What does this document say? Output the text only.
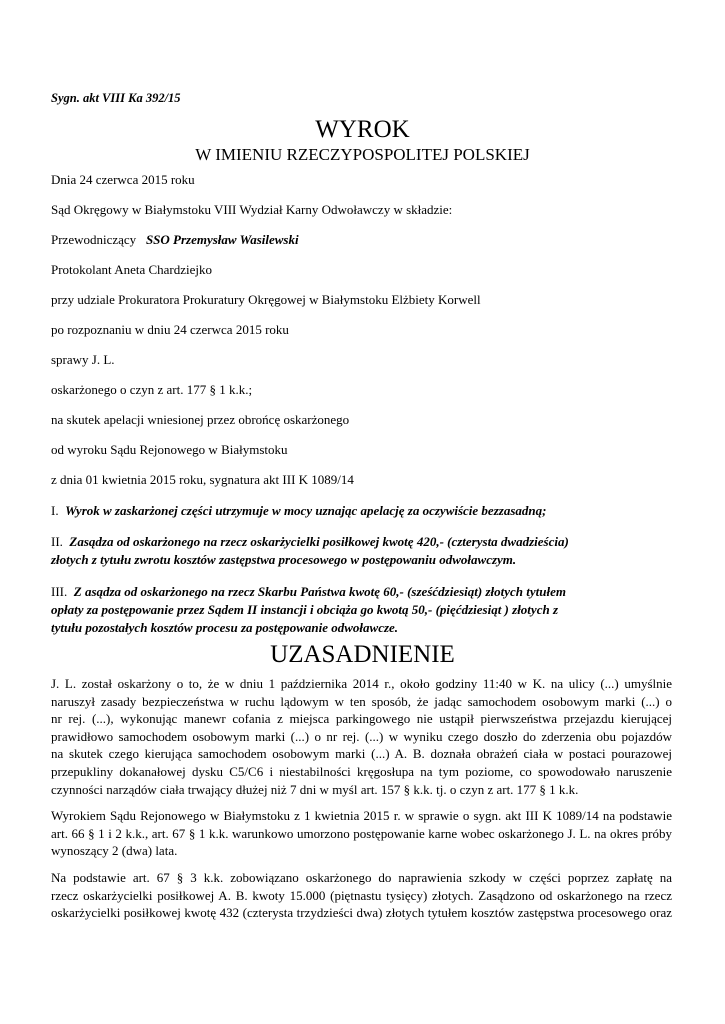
Sygn. akt VIII Ka 392/15
WYROK
W IMIENIU RZECZYPOSPOLITEJ POLSKIEJ
Dnia 24 czerwca 2015 roku
Sąd Okręgowy w Białymstoku VIII Wydział Karny Odwoławczy w składzie:
Przewodniczący SSO Przemysław Wasilewski
Protokolant Aneta Chardziejko
przy udziale Prokuratora Prokuratury Okręgowej w Białymstoku Elżbiety Korwell
po rozpoznaniu w dniu 24 czerwca 2015 roku
sprawy J. L.
oskarżonego o czyn z art. 177 § 1 k.k.;
na skutek apelacji wniesionej przez obrońcę oskarżonego
od wyroku Sądu Rejonowego w Białymstoku
z dnia 01 kwietnia 2015 roku, sygnatura akt III K 1089/14
I. Wyrok w zaskarżonej części utrzymuje w mocy uznając apelację za oczywiście bezzasadną;
II. Zasądza od oskarżonego na rzecz oskarżycielki posiłkowej kwotę 420,- (czterysta dwadzieścia)
złotych z tytułu zwrotu kosztów zastępstwa procesowego w postępowaniu odwoławczym.
III. Z asądza od oskarżonego na rzecz Skarbu Państwa kwotę 60,- (sześćdziesiąt) złotych tytułem
opłaty za postępowanie przez Sądem II instancji i obciąża go kwotą 50,- (pięćdziesiąt ) złotych z
tytułu pozostałych kosztów procesu za postępowanie odwoławcze.
UZASADNIENIE
J. L. został oskarżony o to, że w dniu 1 października 2014 r., około godziny 11:40 w K. na ulicy (...) umyślnie
naruszył zasady bezpieczeństwa w ruchu lądowym w ten sposób, że jadąc samochodem osobowym marki (...) o
nr rej. (...), wykonując manewr cofania z miejsca parkingowego nie ustąpił pierwszeństwa przejazdu kierującej
prawidłowo samochodem osobowym marki (...) o nr rej. (...) w wyniku czego doszło do zderzenia obu pojazdów
na skutek czego kierująca samochodem osobowym marki (...) A. B. doznała obrażeń ciała w postaci pourazowej
przepukliny dokanałowej dysku C5/C6 i niestabilności kręgosłupa na tym poziome, co spowodowało naruszenie
czynności narządów ciała trwający dłużej niż 7 dni w myśl art. 157 § k.k. tj. o czyn z art. 177 § 1 k.k.
Wyrokiem Sądu Rejonowego w Białymstoku z 1 kwietnia 2015 r. w sprawie o sygn. akt III K 1089/14 na podstawie
art. 66 § 1 i 2 k.k., art. 67 § 1 k.k. warunkowo umorzono postępowanie karne wobec oskarżonego J. L. na okres próby
wynoszący 2 (dwa) lata.
Na podstawie art. 67 § 3 k.k. zobowiązano oskarżonego do naprawienia szkody w części poprzez zapłatę na
rzecz oskarżycielki posiłkowej A. B. kwoty 15.000 (piętnastu tysięcy) złotych. Zasądzono od oskarżonego na rzecz
oskarżycielki posiłkowej kwotę 432 (czterysta trzydzieści dwa) złotych tytułem kosztów zastępstwa procesowego oraz
